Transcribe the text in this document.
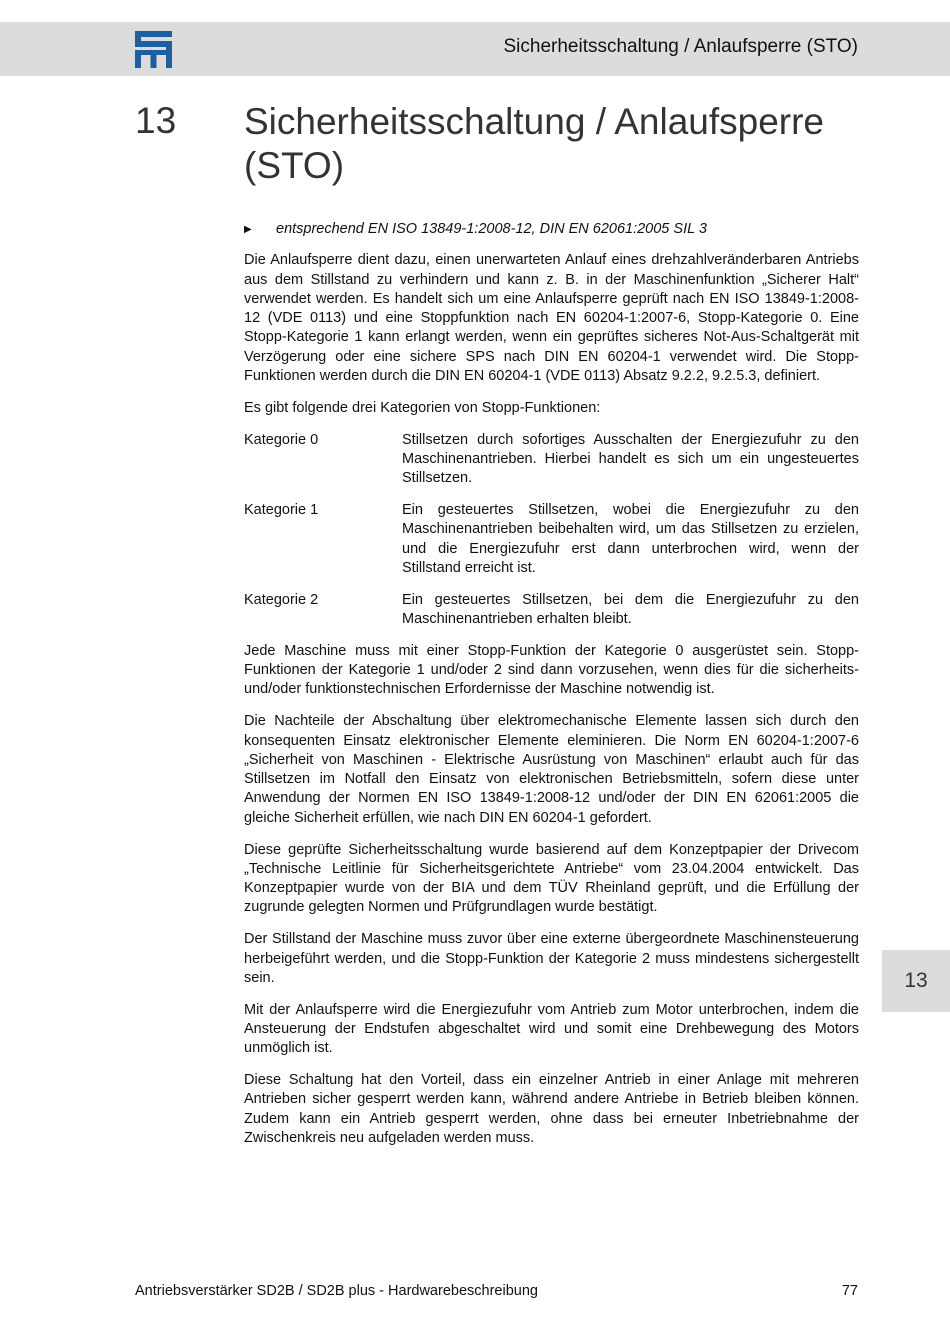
Sicherheitsschaltung / Anlaufsperre (STO)
13 Sicherheitsschaltung / Anlaufsperre (STO)
▶	entsprechend EN ISO 13849-1:2008-12, DIN EN 62061:2005 SIL 3

Die Anlaufsperre dient dazu, einen unerwarteten Anlauf eines drehzahlveränderbaren Antriebs aus dem Stillstand zu verhindern und kann z. B. in der Maschinenfunktion „Sicherer Halt“ verwendet werden. Es handelt sich um eine Anlaufsperre geprüft nach EN ISO 13849-1:2008-12 (VDE 0113) und eine Stoppfunktion nach EN 60204-1:2007-6, Stopp-Kategorie 0. Eine Stopp-Kategorie 1 kann erlangt werden, wenn ein geprüftes sicheres Not-Aus-Schaltgerät mit Verzögerung oder eine sichere SPS nach DIN EN 60204-1 verwendet wird. Die Stopp-Funktionen werden durch die DIN EN 60204-1 (VDE 0113) Absatz 9.2.2, 9.2.5.3, definiert.

Es gibt folgende drei Kategorien von Stopp-Funktionen:

Kategorie 0	Stillsetzen durch sofortiges Ausschalten der Energiezufuhr zu den Maschinenantrieben. Hierbei handelt es sich um ein ungesteuertes Stillsetzen.
Kategorie 1	Ein gesteuertes Stillsetzen, wobei die Energiezufuhr zu den Maschinenantrieben beibehalten wird, um das Stillsetzen zu erzielen, und die Energiezufuhr erst dann unterbrochen wird, wenn der Stillstand erreicht ist.
Kategorie 2	Ein gesteuertes Stillsetzen, bei dem die Energiezufuhr zu den Maschinenantrieben erhalten bleibt.

Jede Maschine muss mit einer Stopp-Funktion der Kategorie 0 ausgerüstet sein. Stopp-Funktionen der Kategorie 1 und/oder 2 sind dann vorzusehen, wenn dies für die sicherheits- und/oder funktionstechnischen Erfordernisse der Maschine notwendig ist.

Die Nachteile der Abschaltung über elektromechanische Elemente lassen sich durch den konsequenten Einsatz elektronischer Elemente eleminieren. Die Norm EN 60204-1:2007-6 „Sicherheit von Maschinen - Elektrische Ausrüstung von Maschinen“ erlaubt auch für das Stillsetzen im Notfall den Einsatz von elektronischen Betriebsmitteln, sofern diese unter Anwendung der Normen EN ISO 13849-1:2008-12 und/oder der DIN EN 62061:2005 die gleiche Sicherheit erfüllen, wie nach DIN EN 60204-1 gefordert.

Diese geprüfte Sicherheitsschaltung wurde basierend auf dem Konzeptpapier der Drivecom „Technische Leitlinie für Sicherheitsgerichtete Antriebe“ vom 23.04.2004 entwickelt. Das Konzeptpapier wurde von der BIA und dem TÜV Rheinland geprüft, und die Erfüllung der zugrunde gelegten Normen und Prüfgrundlagen wurde bestätigt.

Der Stillstand der Maschine muss zuvor über eine externe übergeordnete Maschinensteuerung herbeigeführt werden, und die Stopp-Funktion der Kategorie 2 muss mindestens sichergestellt sein.

Mit der Anlaufsperre wird die Energiezufuhr vom Antrieb zum Motor unterbrochen, indem die Ansteuerung der Endstufen abgeschaltet wird und somit eine Drehbewegung des Motors unmöglich ist.

Diese Schaltung hat den Vorteil, dass ein einzelner Antrieb in einer Anlage mit mehreren Antrieben sicher gesperrt werden kann, während andere Antriebe in Betrieb bleiben können. Zudem kann ein Antrieb gesperrt werden, ohne dass bei erneuter Inbetriebnahme der Zwischenkreis neu aufgeladen werden muss.

13
Antriebsverstärker SD2B / SD2B plus - Hardwarebeschreibung	77
